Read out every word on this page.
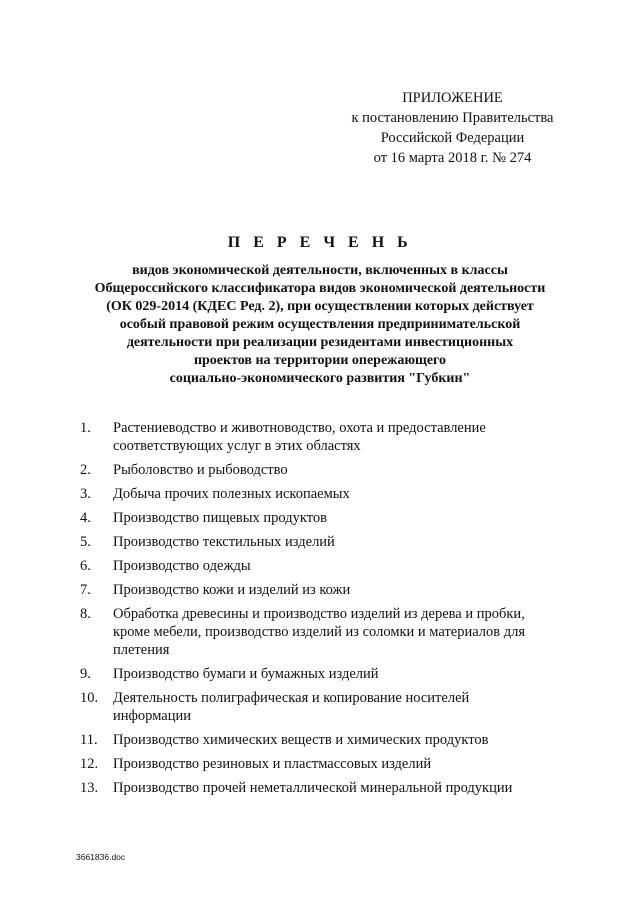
ПРИЛОЖЕНИЕ
к постановлению Правительства
Российской Федерации
от 16 марта 2018 г. № 274
П Е Р Е Ч Е Н Ь
видов экономической деятельности, включенных в классы
Общероссийского классификатора видов экономической деятельности
(ОК 029-2014 (КДЕС Ред. 2), при осуществлении которых действует
особый правовой режим осуществления предпринимательской
деятельности при реализации резидентами инвестиционных
проектов на территории опережающего
социально-экономического развития "Губкин"
1.	Растениеводство и животноводство, охота и предоставление
соответствующих услуг в этих областях
2.	Рыболовство и рыбоводство
3.	Добыча прочих полезных ископаемых
4.	Производство пищевых продуктов
5.	Производство текстильных изделий
6.	Производство одежды
7.	Производство кожи и изделий из кожи
8.	Обработка древесины и производство изделий из дерева и пробки,
кроме мебели, производство изделий из соломки и материалов для
плетения
9.	Производство бумаги и бумажных изделий
10.	Деятельность полиграфическая и копирование носителей
информации
11.	Производство химических веществ и химических продуктов
12.	Производство резиновых и пластмассовых изделий
13.	Производство прочей неметаллической минеральной продукции
3661836.doc
